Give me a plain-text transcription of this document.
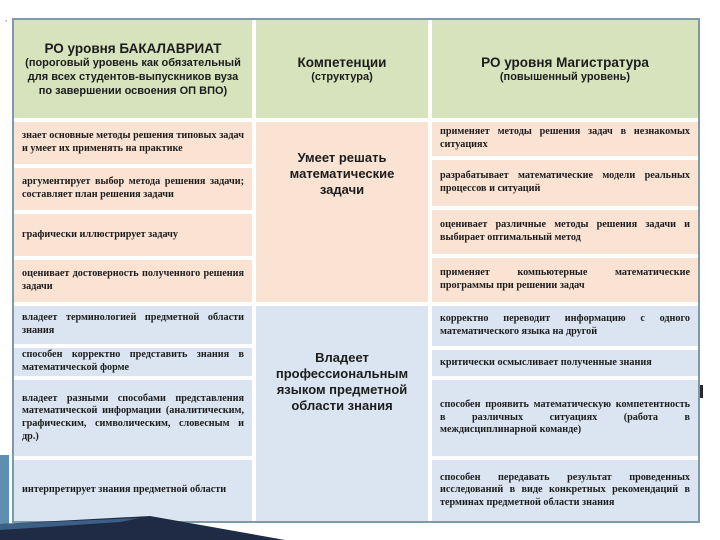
,
РО уровня БАКАЛАВРИАТ
(пороговый уровень как обязательный для всех студентов-выпускников вуза по завершении освоения ОП ВПО)
Компетенции
(структура)
РО уровня Магистратура
(повышенный уровень)
знает основные методы решения типовых задач и умеет их применять на практике
аргументирует выбор метода решения задачи; составляет план решения задачи
графически иллюстрирует задачу
оценивает достоверность полученного решения задачи
Умеет решать математические задачи
применяет методы решения задач в незнакомых ситуациях
разрабатывает математические модели реальных процессов и ситуаций
оценивает различные методы решения задачи и выбирает оптимальный метод
применяет компьютерные математические программы при решении задач
владеет терминологией предметной области знания
способен корректно представить знания в математической форме
владеет разными способами представления математической информации (аналитическим, графическим, символическим, словесным и др.)
интерпретирует знания предметной области
Владеет профессиональным языком предметной области знания
корректно переводит информацию с одного математического языка на другой
критически осмысливает полученные знания
способен проявить математическую компетентность в различных ситуациях (работа в междисциплинарной команде)
способен передавать результат проведенных исследований в виде конкретных рекомендаций в терминах предметной области знания
